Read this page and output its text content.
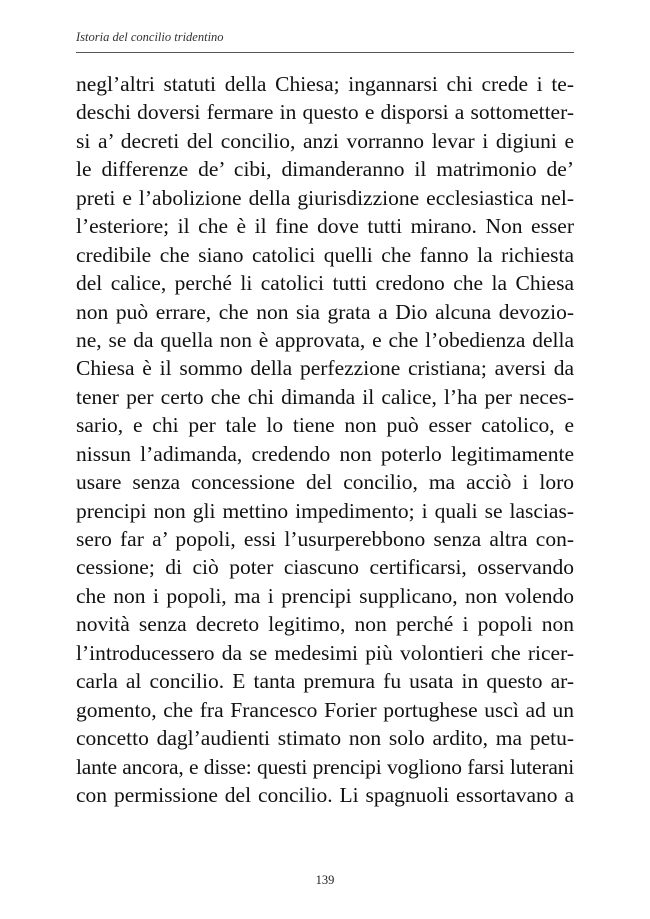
Istoria del concilio tridentino
negl’altri statuti della Chiesa; ingannarsi chi crede i te-
deschi doversi fermare in questo e disporsi a sottometter-
si a’ decreti del concilio, anzi vorranno levar i digiuni e
le differenze de’ cibi, dimanderanno il matrimonio de’
preti e l’abolizione della giurisdizzione ecclesiastica nel-
l’esteriore; il che è il fine dove tutti mirano. Non esser
credibile che siano catolici quelli che fanno la richiesta
del calice, perché li catolici tutti credono che la Chiesa
non può errare, che non sia grata a Dio alcuna devozio-
ne, se da quella non è approvata, e che l’obedienza della
Chiesa è il sommo della perfezzione cristiana; aversi da
tener per certo che chi dimanda il calice, l’ha per neces-
sario, e chi per tale lo tiene non può esser catolico, e
nissun l’adimanda, credendo non poterlo legitimamente
usare senza concessione del concilio, ma acciò i loro
prencipi non gli mettino impedimento; i quali se lascias-
sero far a’ popoli, essi l’usurperebbono senza altra con-
cessione; di ciò poter ciascuno certificarsi, osservando
che non i popoli, ma i prencipi supplicano, non volendo
novità senza decreto legitimo, non perché i popoli non
l’introducessero da se medesimi più volontieri che ricer-
carla al concilio. E tanta premura fu usata in questo ar-
gomento, che fra Francesco Forier portughese uscì ad un
concetto dagl’audienti stimato non solo ardito, ma petu-
lante ancora, e disse: questi prencipi vogliono farsi luterani
con permissione del concilio. Li spagnuoli essortavano a
139
